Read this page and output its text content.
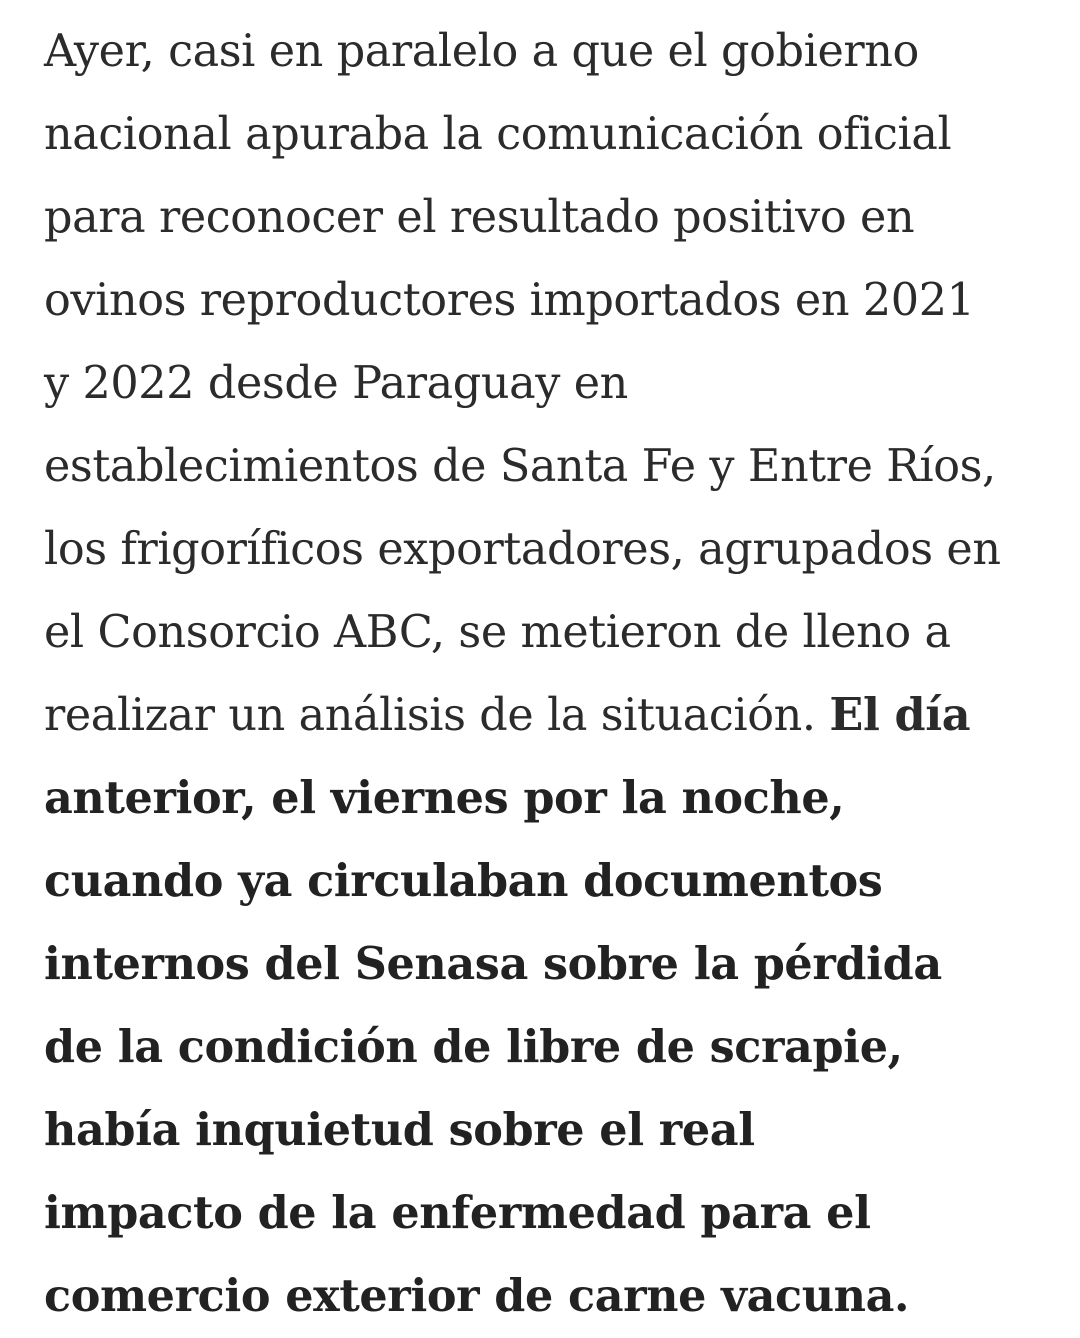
Ayer, casi en paralelo a que el gobierno
nacional apuraba la comunicación oficial
para reconocer el resultado positivo en
ovinos reproductores importados en 2021
y 2022 desde Paraguay en
establecimientos de Santa Fe y Entre Ríos,
los frigoríficos exportadores, agrupados en
el Consorcio ABC, se metieron de lleno a
realizar un análisis de la situación. El día
anterior, el viernes por la noche,
cuando ya circulaban documentos
internos del Senasa sobre la pérdida
de la condición de libre de scrapie,
había inquietud sobre el real
impacto de la enfermedad para el
comercio exterior de carne vacuna.
